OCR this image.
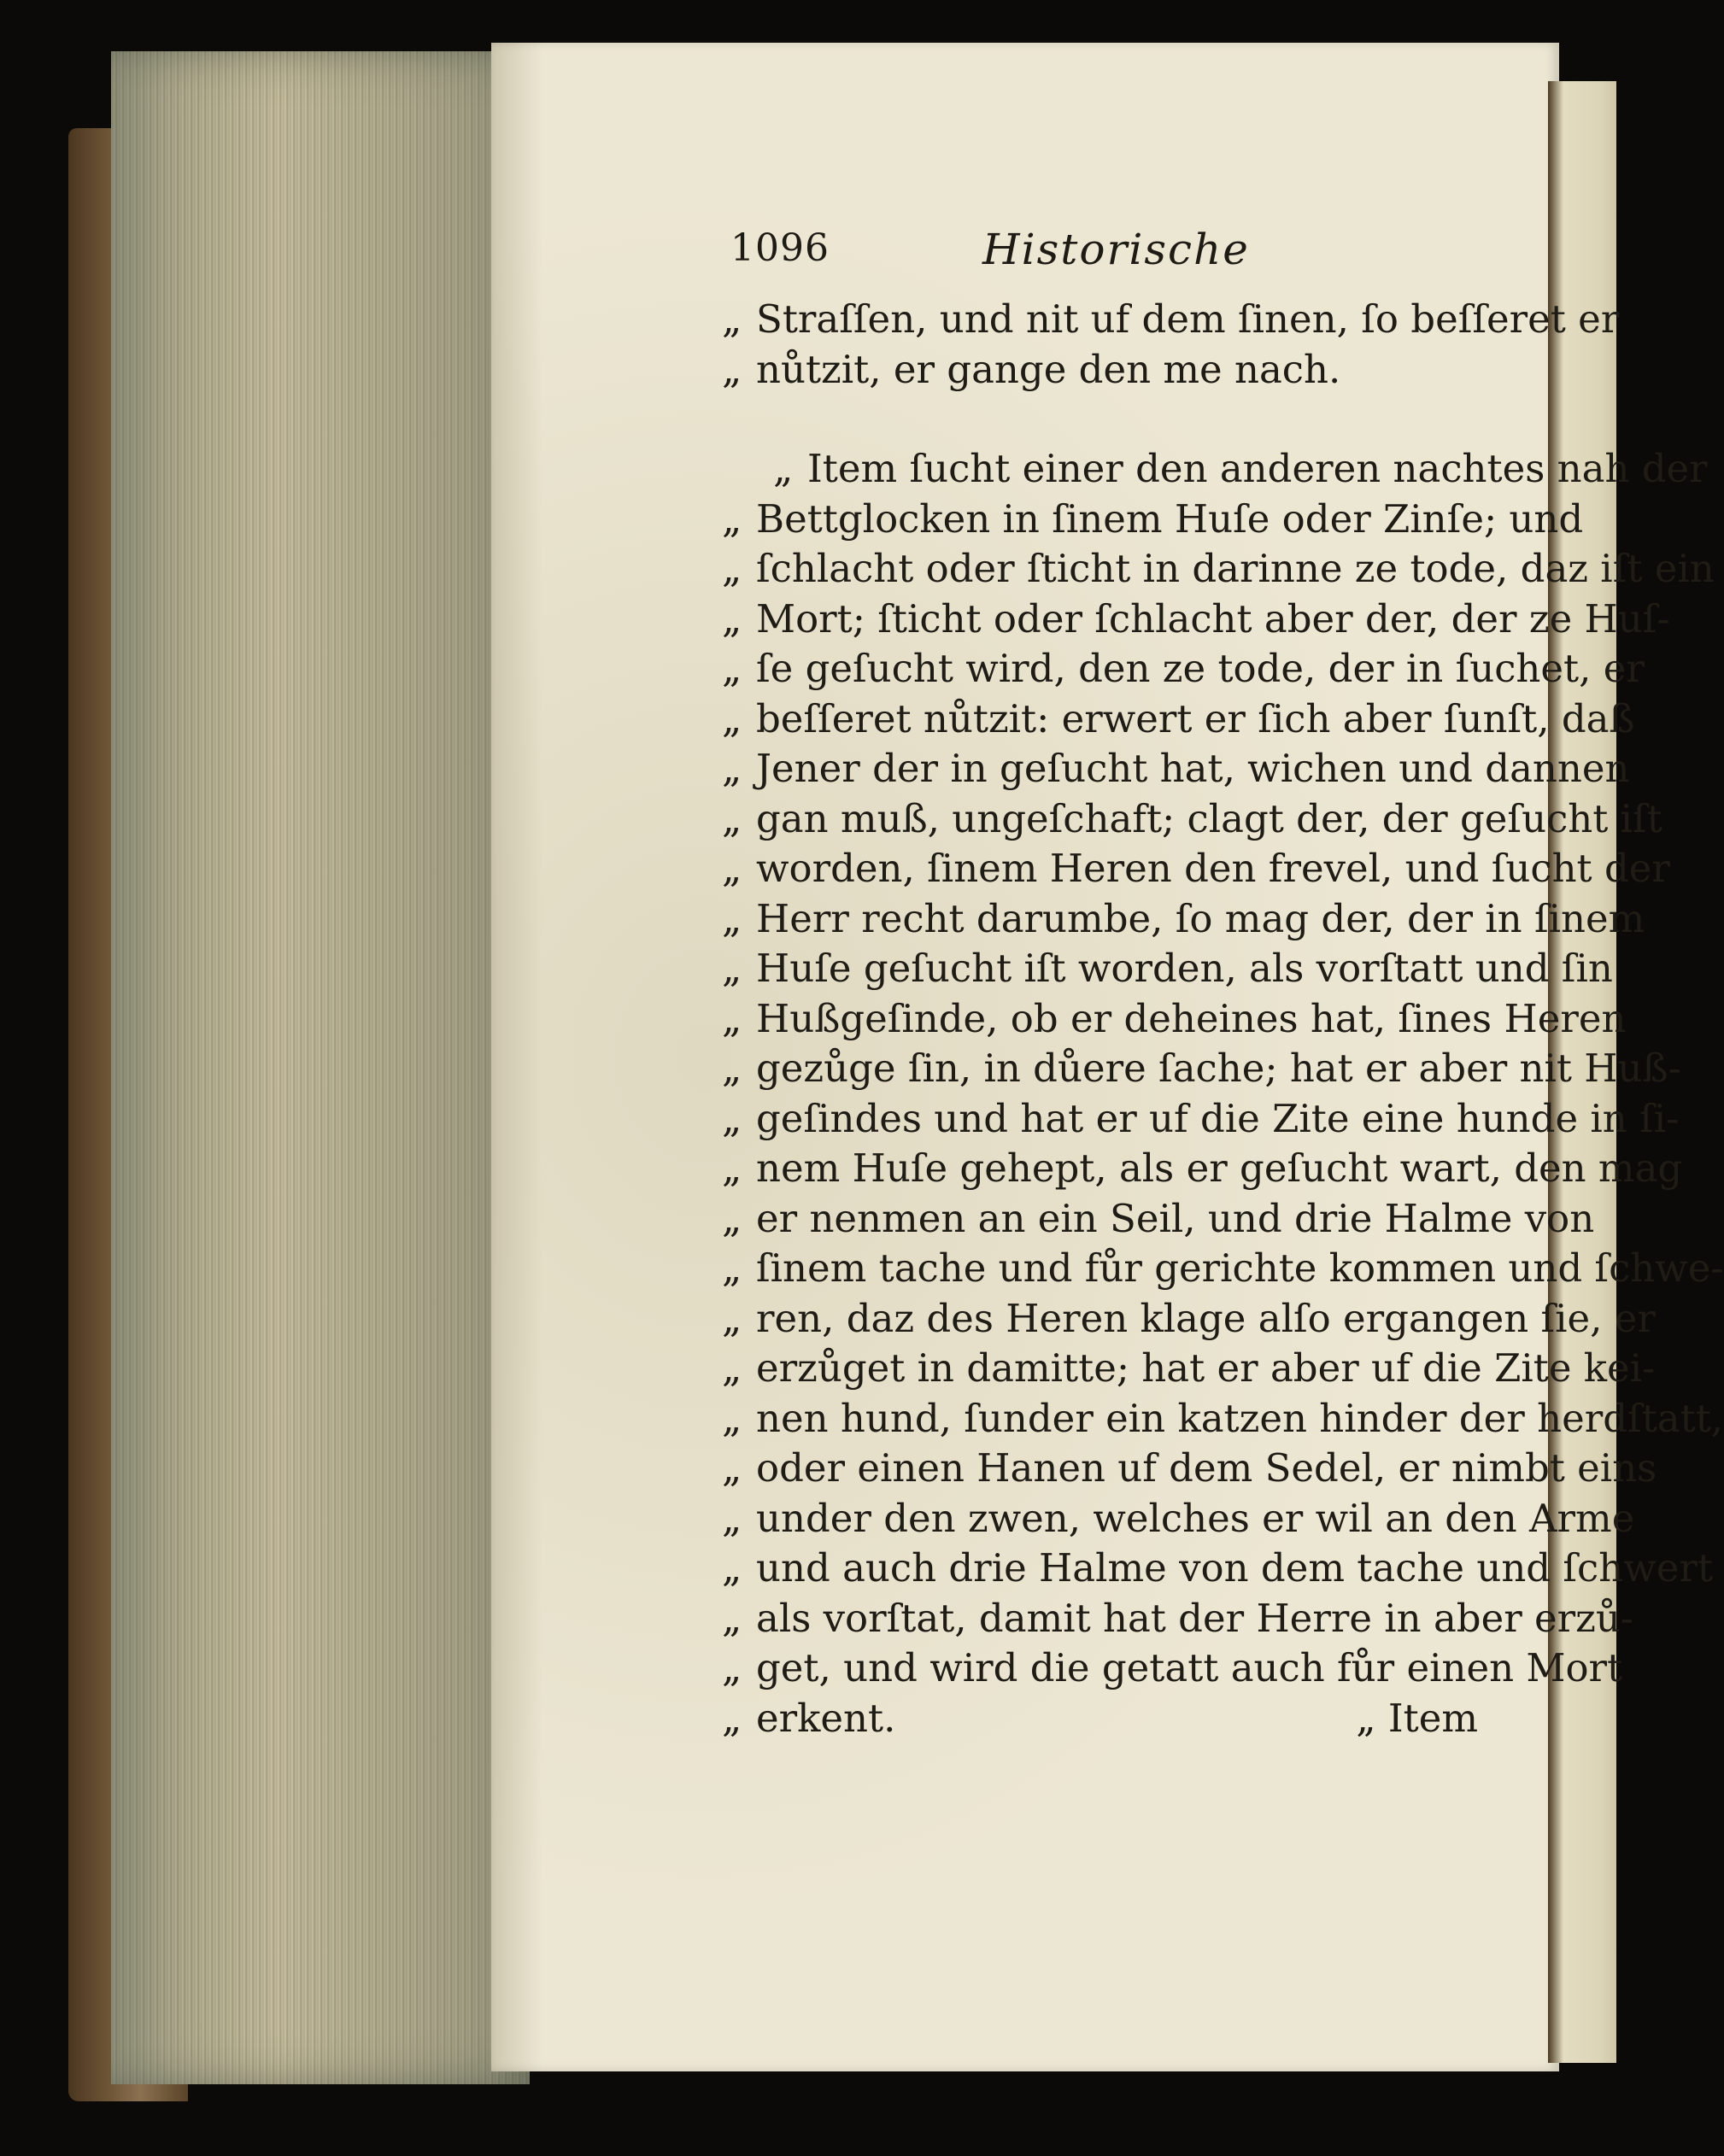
1096	Historische
„ Straſſen, und nit uf dem ſinen, ſo beſſeret er
„ nůtzit, er gange den me nach.
„ Item ſucht einer den anderen nachtes nah der
„ Bettglocken in ſinem Huſe oder Zinſe; und
„ ſchlacht oder ſticht in darinne ze tode, daz iſt ein
„ Mort; ſticht oder ſchlacht aber der, der ze Huſ-
„ ſe geſucht wird, den ze tode, der in ſuchet, er
„ beſſeret nůtzit: erwert er ſich aber ſunſt, daß
„ Jener der in geſucht hat, wichen und dannen
„ gan muß, ungeſchaft; clagt der, der geſucht iſt
„ worden, ſinem Heren den frevel, und ſucht der
„ Herr recht darumbe, ſo mag der, der in ſinem
„ Huſe geſucht iſt worden, als vorſtatt und ſin
„ Hußgeſinde, ob er deheines hat, ſines Heren
„ gezůge ſin, in důere ſache; hat er aber nit Huß-
„ geſindes und hat er uf die Zite eine hunde in ſi-
„ nem Huſe gehept, als er geſucht wart, den mag
„ er nenmen an ein Seil, und drie Halme von
„ ſinem tache und fůr gerichte kommen und ſchwe-
„ ren, daz des Heren klage alſo ergangen ſie, er
„ erzůget in damitte; hat er aber uf die Zite kei-
„ nen hund, ſunder ein katzen hinder der herdſtatt,
„ oder einen Hanen uf dem Sedel, er nimbt eins
„ under den zwen, welches er wil an den Arme
„ und auch drie Halme von dem tache und ſchwert
„ als vorſtat, damit hat der Herre in aber erzů-
„ get, und wird die getatt auch fůr einen Mort
„ erkent.	„ Item
